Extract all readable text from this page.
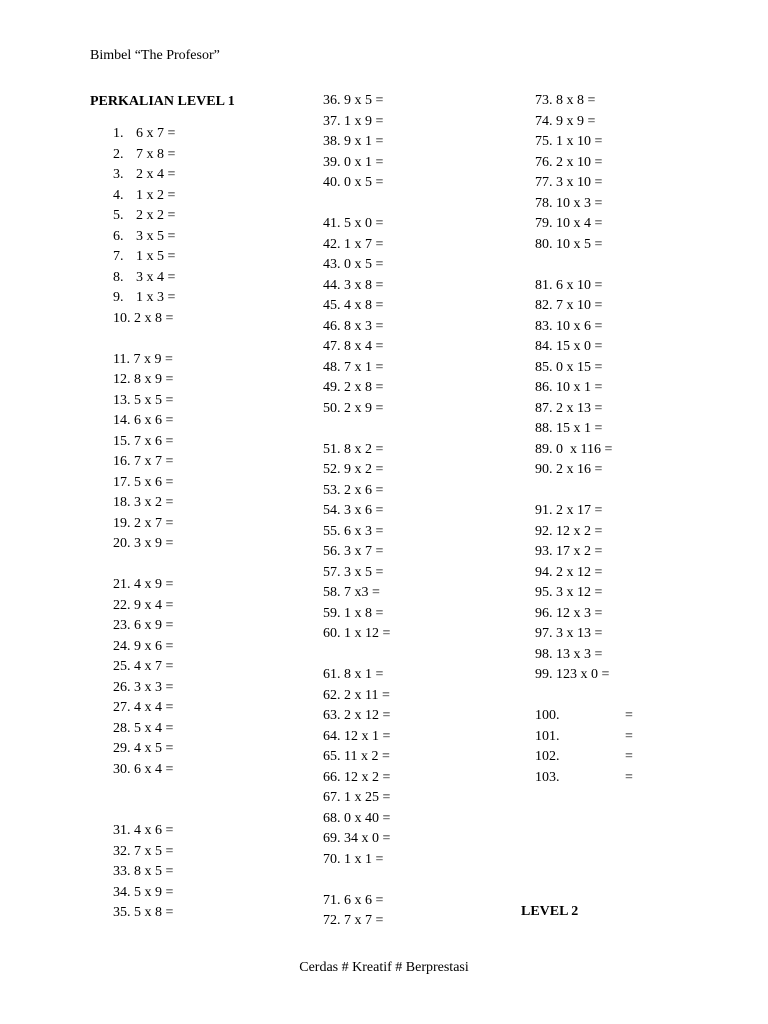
Bimbel “The Profesor”
PERKALIAN LEVEL 1
1. 6 x 7 =
2. 7 x 8 =
3. 2 x 4 =
4. 1 x 2 =
5. 2 x 2 =
6. 3 x 5 =
7. 1 x 5 =
8. 3 x 4 =
9. 1 x 3 =
10. 2 x 8 =
11. 7 x 9 =
12. 8 x 9 =
13. 5 x 5 =
14. 6 x 6 =
15. 7 x 6 =
16. 7 x 7 =
17. 5 x 6 =
18. 3 x 2 =
19. 2 x 7 =
20. 3 x 9 =
21. 4 x 9 =
22. 9 x 4 =
23. 6 x 9 =
24. 9 x 6 =
25. 4 x 7 =
26. 3 x 3 =
27. 4 x 4 =
28. 5 x 4 =
29. 4 x 5 =
30. 6 x 4 =
31. 4 x 6 =
32. 7 x 5 =
33. 8 x 5 =
34. 5 x 9 =
35. 5 x 8 =
36. 9 x 5 =
37. 1 x 9 =
38. 9 x 1 =
39. 0 x 1 =
40. 0 x 5 =
41. 5 x 0 =
42. 1 x 7 =
43. 0 x 5 =
44. 3 x 8 =
45. 4 x 8 =
46. 8 x 3 =
47. 8 x 4 =
48. 7 x 1 =
49. 2 x 8 =
50. 2 x 9 =
51. 8 x 2 =
52. 9 x 2 =
53. 2 x 6 =
54. 3 x 6 =
55. 6 x 3 =
56. 3 x 7 =
57. 3 x 5 =
58. 7 x3 =
59. 1 x 8 =
60. 1 x 12 =
61. 8 x 1 =
62. 2 x 11 =
63. 2 x 12 =
64. 12 x 1 =
65. 11 x 2 =
66. 12 x 2 =
67. 1 x 25 =
68. 0 x 40 =
69. 34 x 0 =
70. 1 x 1 =
71. 6 x 6 =
72. 7 x 7 =
73. 8 x 8 =
74. 9 x 9 =
75. 1 x 10 =
76. 2 x 10 =
77. 3 x 10 =
78. 10 x 3 =
79. 10 x 4 =
80. 10 x 5 =
81. 6 x 10 =
82. 7 x 10 =
83. 10 x 6 =
84. 15 x 0 =
85. 0 x 15 =
86. 10 x 1 =
87. 2 x 13 =
88. 15 x 1 =
89. 0  x 116 =
90. 2 x 16 =
91. 2 x 17 =
92. 12 x 2 =
93. 17 x 2 =
94. 2 x 12 =
95. 3 x 12 =
96. 12 x 3 =
97. 3 x 13 =
98. 13 x 3 =
99. 123 x 0 =
100.	=
101.	=
102.	=
103.	=
LEVEL 2
Cerdas # Kreatif # Berprestasi
